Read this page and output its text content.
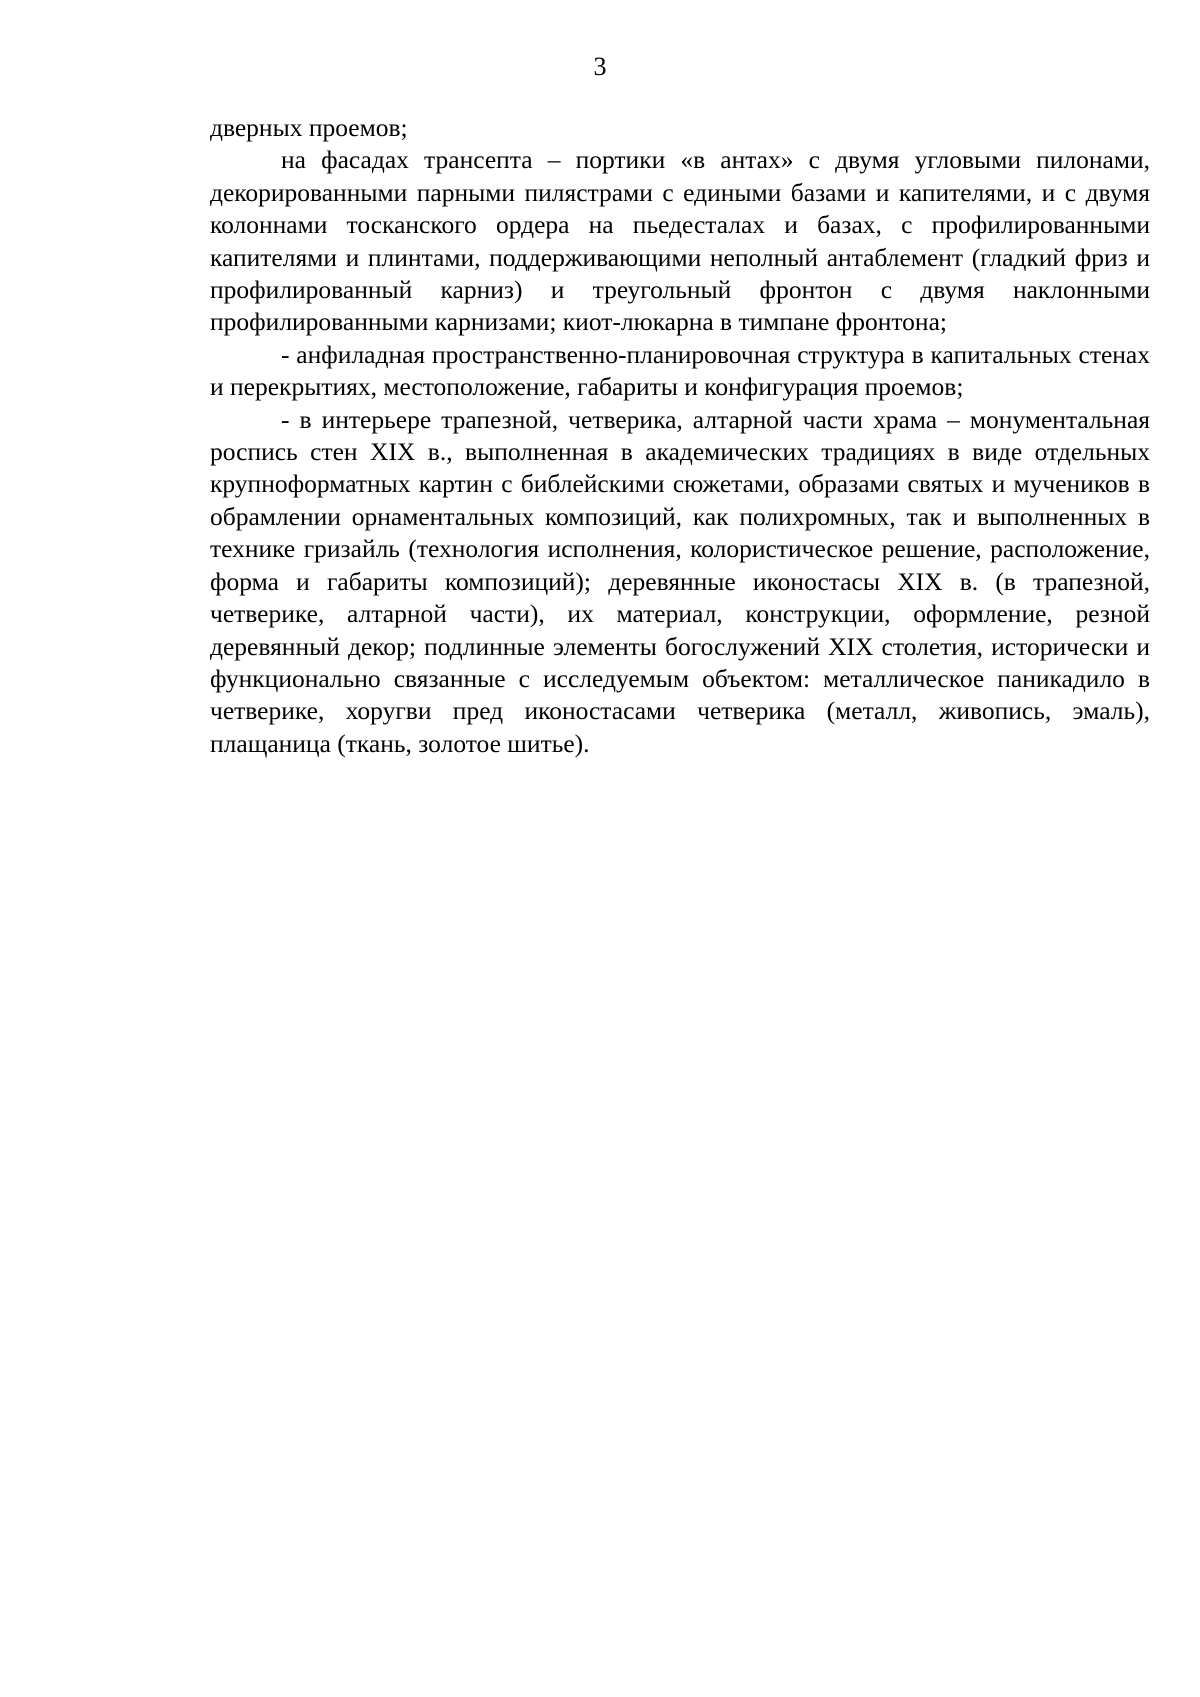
3

дверных проемов;

на фасадах трансепта – портики «в антах» с двумя угловыми пилонами, декорированными парными пилястрами с едиными базами и капителями, и с двумя колоннами тосканского ордера на пьедесталах и базах, с профилированными капителями и плинтами, поддерживающими неполный антаблемент (гладкий фриз и профилированный карниз) и треугольный фронтон с двумя наклонными профилированными карнизами; киот-люкарна в тимпане фронтона;

- анфиладная пространственно-планировочная структура в капитальных стенах и перекрытиях, местоположение, габариты и конфигурация проемов;

- в интерьере трапезной, четверика, алтарной части храма – монументальная роспись стен XIX в., выполненная в академических традициях в виде отдельных крупноформатных картин с библейскими сюжетами, образами святых и мучеников в обрамлении орнаментальных композиций, как полихромных, так и выполненных в технике гризайль (технология исполнения, колористическое решение, расположение, форма и габариты композиций); деревянные иконостасы XIX в. (в трапезной, четверике, алтарной части), их материал, конструкции, оформление, резной деревянный декор; подлинные элементы богослужений XIX столетия, исторически и функционально связанные с исследуемым объектом: металлическое паникадило в четверике, хоругви пред иконостасами четверика (металл, живопись, эмаль), плащаница (ткань, золотое шитье).
